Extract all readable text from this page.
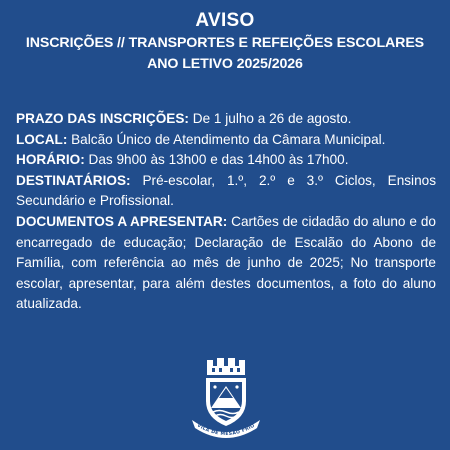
AVISO
INSCRIÇÕES // TRANSPORTES E REFEIÇÕES ESCOLARES
ANO LETIVO 2025/2026

PRAZO DAS INSCRIÇÕES: De 1 julho a 26 de agosto.

LOCAL: Balcão Único de Atendimento da Câmara Municipal.

HORÁRIO: Das 9h00 às 13h00 e das 14h00 às 17h00.

DESTINATÁRIOS: Pré-escolar, 1.º, 2.º e 3.º Ciclos, Ensinos Secundário e Profissional.

DOCUMENTOS A APRESENTAR: Cartões de cidadão do aluno e do encarregado de educação; Declaração de Escalão do Abono de Família, com referência ao mês de junho de 2025; No transporte escolar, apresentar, para além destes documentos, a foto do aluno atualizada.

VILA DE MESÃO FRIO
